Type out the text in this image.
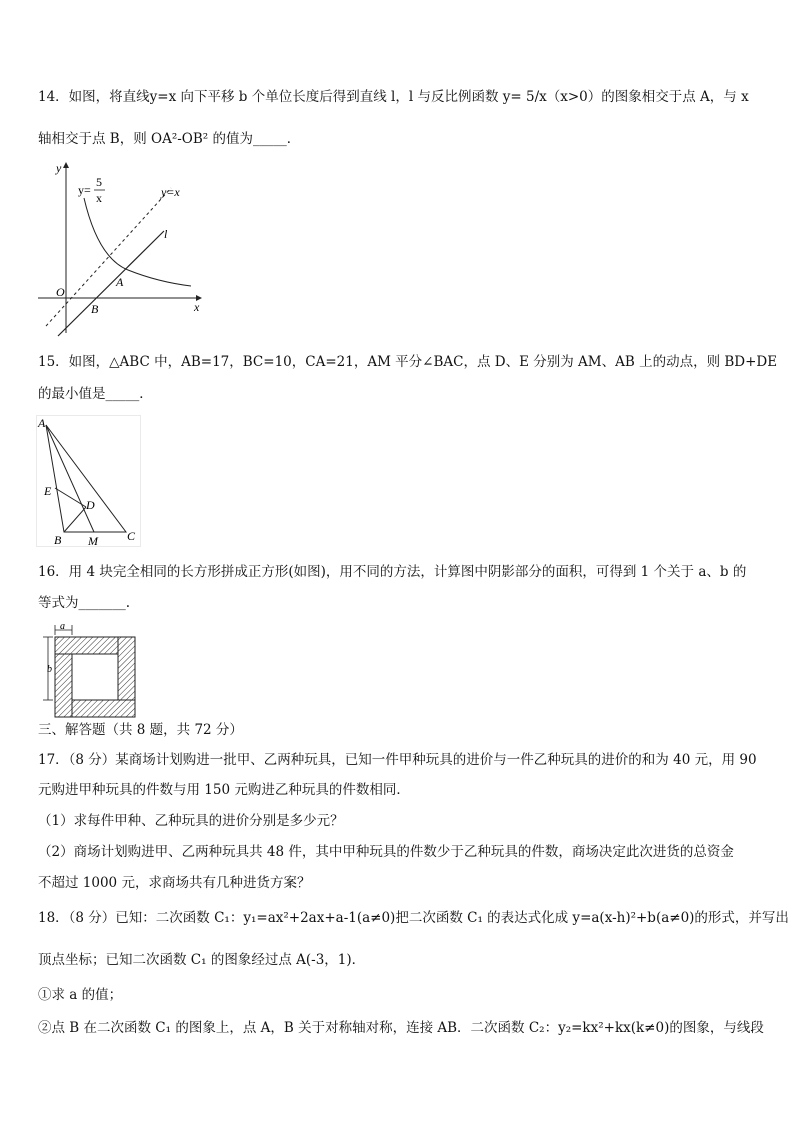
14．如图，将直线y=x 向下平移 b 个单位长度后得到直线 l，l 与反比例函数 y= 5/x（x>0）的图象相交于点 A，与 x
轴相交于点 B，则 OA²-OB² 的值为_____．
y
x
O
y=
5
x	y=x
l
A
B
15．如图，△ABC 中，AB=17，BC=10，CA=21，AM 平分∠BAC，点 D、E 分别为 AM、AB 上的动点，则 BD+DE
的最小值是_____．
A
E
D
B M C
16．用 4 块完全相同的长方形拼成正方形(如图)，用不同的方法，计算图中阴影部分的面积，可得到 1 个关于 a、b 的
等式为_______.
a
b
三、解答题（共 8 题，共 72 分）
17．（8 分）某商场计划购进一批甲、乙两种玩具，已知一件甲种玩具的进价与一件乙种玩具的进价的和为 40 元，用 90
元购进甲种玩具的件数与用 150 元购进乙种玩具的件数相同．
（1）求每件甲种、乙种玩具的进价分别是多少元？
（2）商场计划购进甲、乙两种玩具共 48 件，其中甲种玩具的件数少于乙种玩具的件数，商场决定此次进货的总资金
不超过 1000 元，求商场共有几种进货方案？
18．（8 分）已知：二次函数 C₁：y₁=ax²+2ax+a-1(a≠0)把二次函数 C₁ 的表达式化成 y=a(x-h)²+b(a≠0)的形式，并写出
顶点坐标；已知二次函数 C₁ 的图象经过点 A(-3，1)．
①求 a 的值；
②点 B 在二次函数 C₁ 的图象上，点 A，B 关于对称轴对称，连接 AB．二次函数 C₂：y₂=kx²+kx(k≠0)的图象，与线段
